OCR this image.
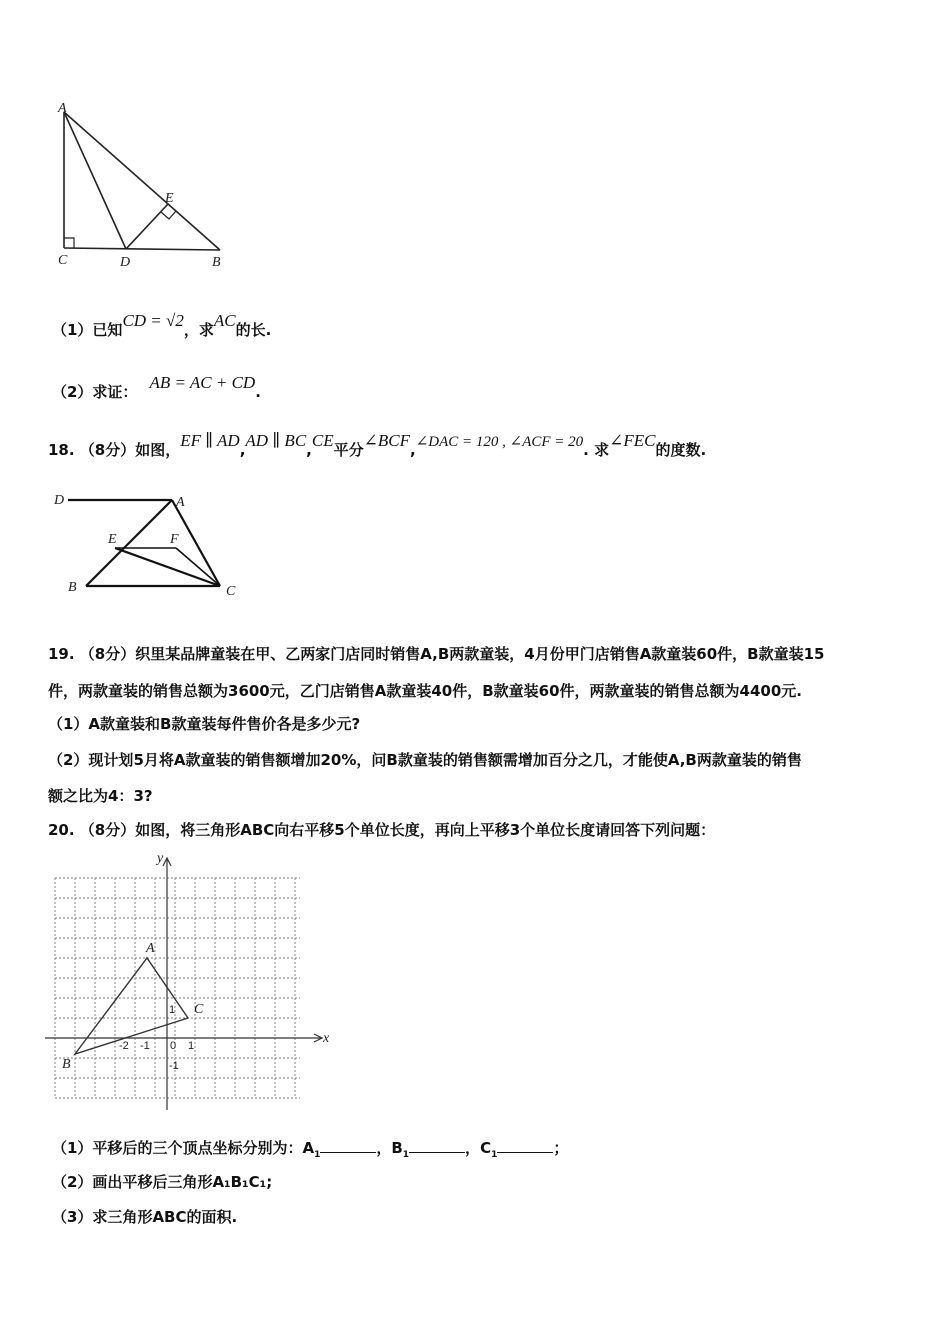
A
C	D
E
B
（1）已知CD = √2，求AC的长.
（2）求证： AB = AC + CD.
18. （8分）如图，EF ∥ AD,AD ∥ BC,CE平分∠BCF,∠DAC = 120 , ∠ACF = 20. 求∠FEC的度数.
D	A
E	F
B	C
19. （8分）织里某品牌童装在甲、乙两家门店同时销售A,B两款童装，4月份甲门店销售A款童装60件，B款童装15
件，两款童装的销售总额为3600元，乙门店销售A款童装40件，B款童装60件，两款童装的销售总额为4400元.
（1）A款童装和B款童装每件售价各是多少元?
（2）现计划5月将A款童装的销售额增加20%，问B款童装的销售额需增加百分之几，才能使A,B两款童装的销售
额之比为4：3?
20. （8分）如图，将三角形ABC向右平移5个单位长度，再向上平移3个单位长度请回答下列问题：
x
y
A
C
B
-2 -1 0 1
1
-1
（1）平移后的三个顶点坐标分别为：$A_1$	，$B_1$	，$C_1$	；
（2）画出平移后三角形A₁B₁C₁;
（3）求三角形ABC的面积.
